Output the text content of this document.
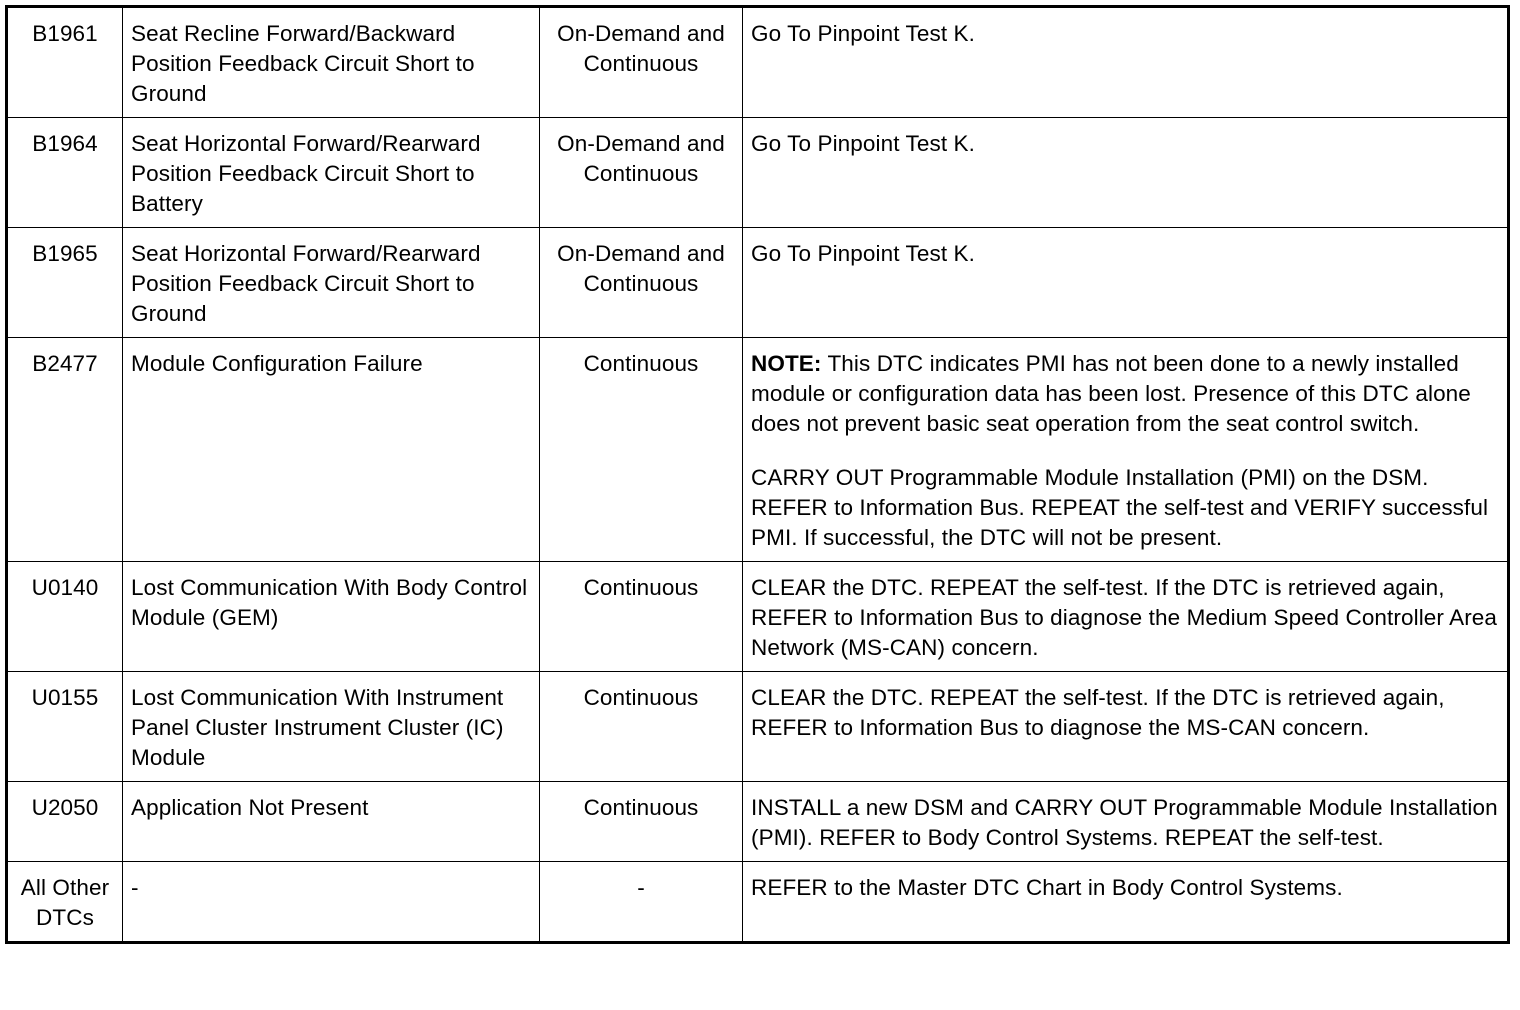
B1961	Seat Recline Forward/Backward Position Feedback Circuit Short to Ground	On-Demand and Continuous	Go To Pinpoint Test K.

B1964	Seat Horizontal Forward/Rearward Position Feedback Circuit Short to Battery	On-Demand and Continuous	Go To Pinpoint Test K.

B1965	Seat Horizontal Forward/Rearward Position Feedback Circuit Short to Ground	On-Demand and Continuous	Go To Pinpoint Test K.

B2477	Module Configuration Failure	Continuous	NOTE: This DTC indicates PMI has not been done to a newly installed module or configuration data has been lost. Presence of this DTC alone does not prevent basic seat operation from the seat control switch.
CARRY OUT Programmable Module Installation (PMI) on the DSM. REFER to Information Bus. REPEAT the self-test and VERIFY successful PMI. If successful, the DTC will not be present.

U0140	Lost Communication With Body Control Module (GEM)	Continuous	CLEAR the DTC. REPEAT the self-test. If the DTC is retrieved again, REFER to Information Bus to diagnose the Medium Speed Controller Area Network (MS-CAN) concern.

U0155	Lost Communication With Instrument Panel Cluster Instrument Cluster (IC) Module	Continuous	CLEAR the DTC. REPEAT the self-test. If the DTC is retrieved again, REFER to Information Bus to diagnose the MS-CAN concern.

U2050	Application Not Present	Continuous	INSTALL a new DSM and CARRY OUT Programmable Module Installation (PMI). REFER to Body Control Systems. REPEAT the self-test.

All Other DTCs	-	-	REFER to the Master DTC Chart in Body Control Systems.
